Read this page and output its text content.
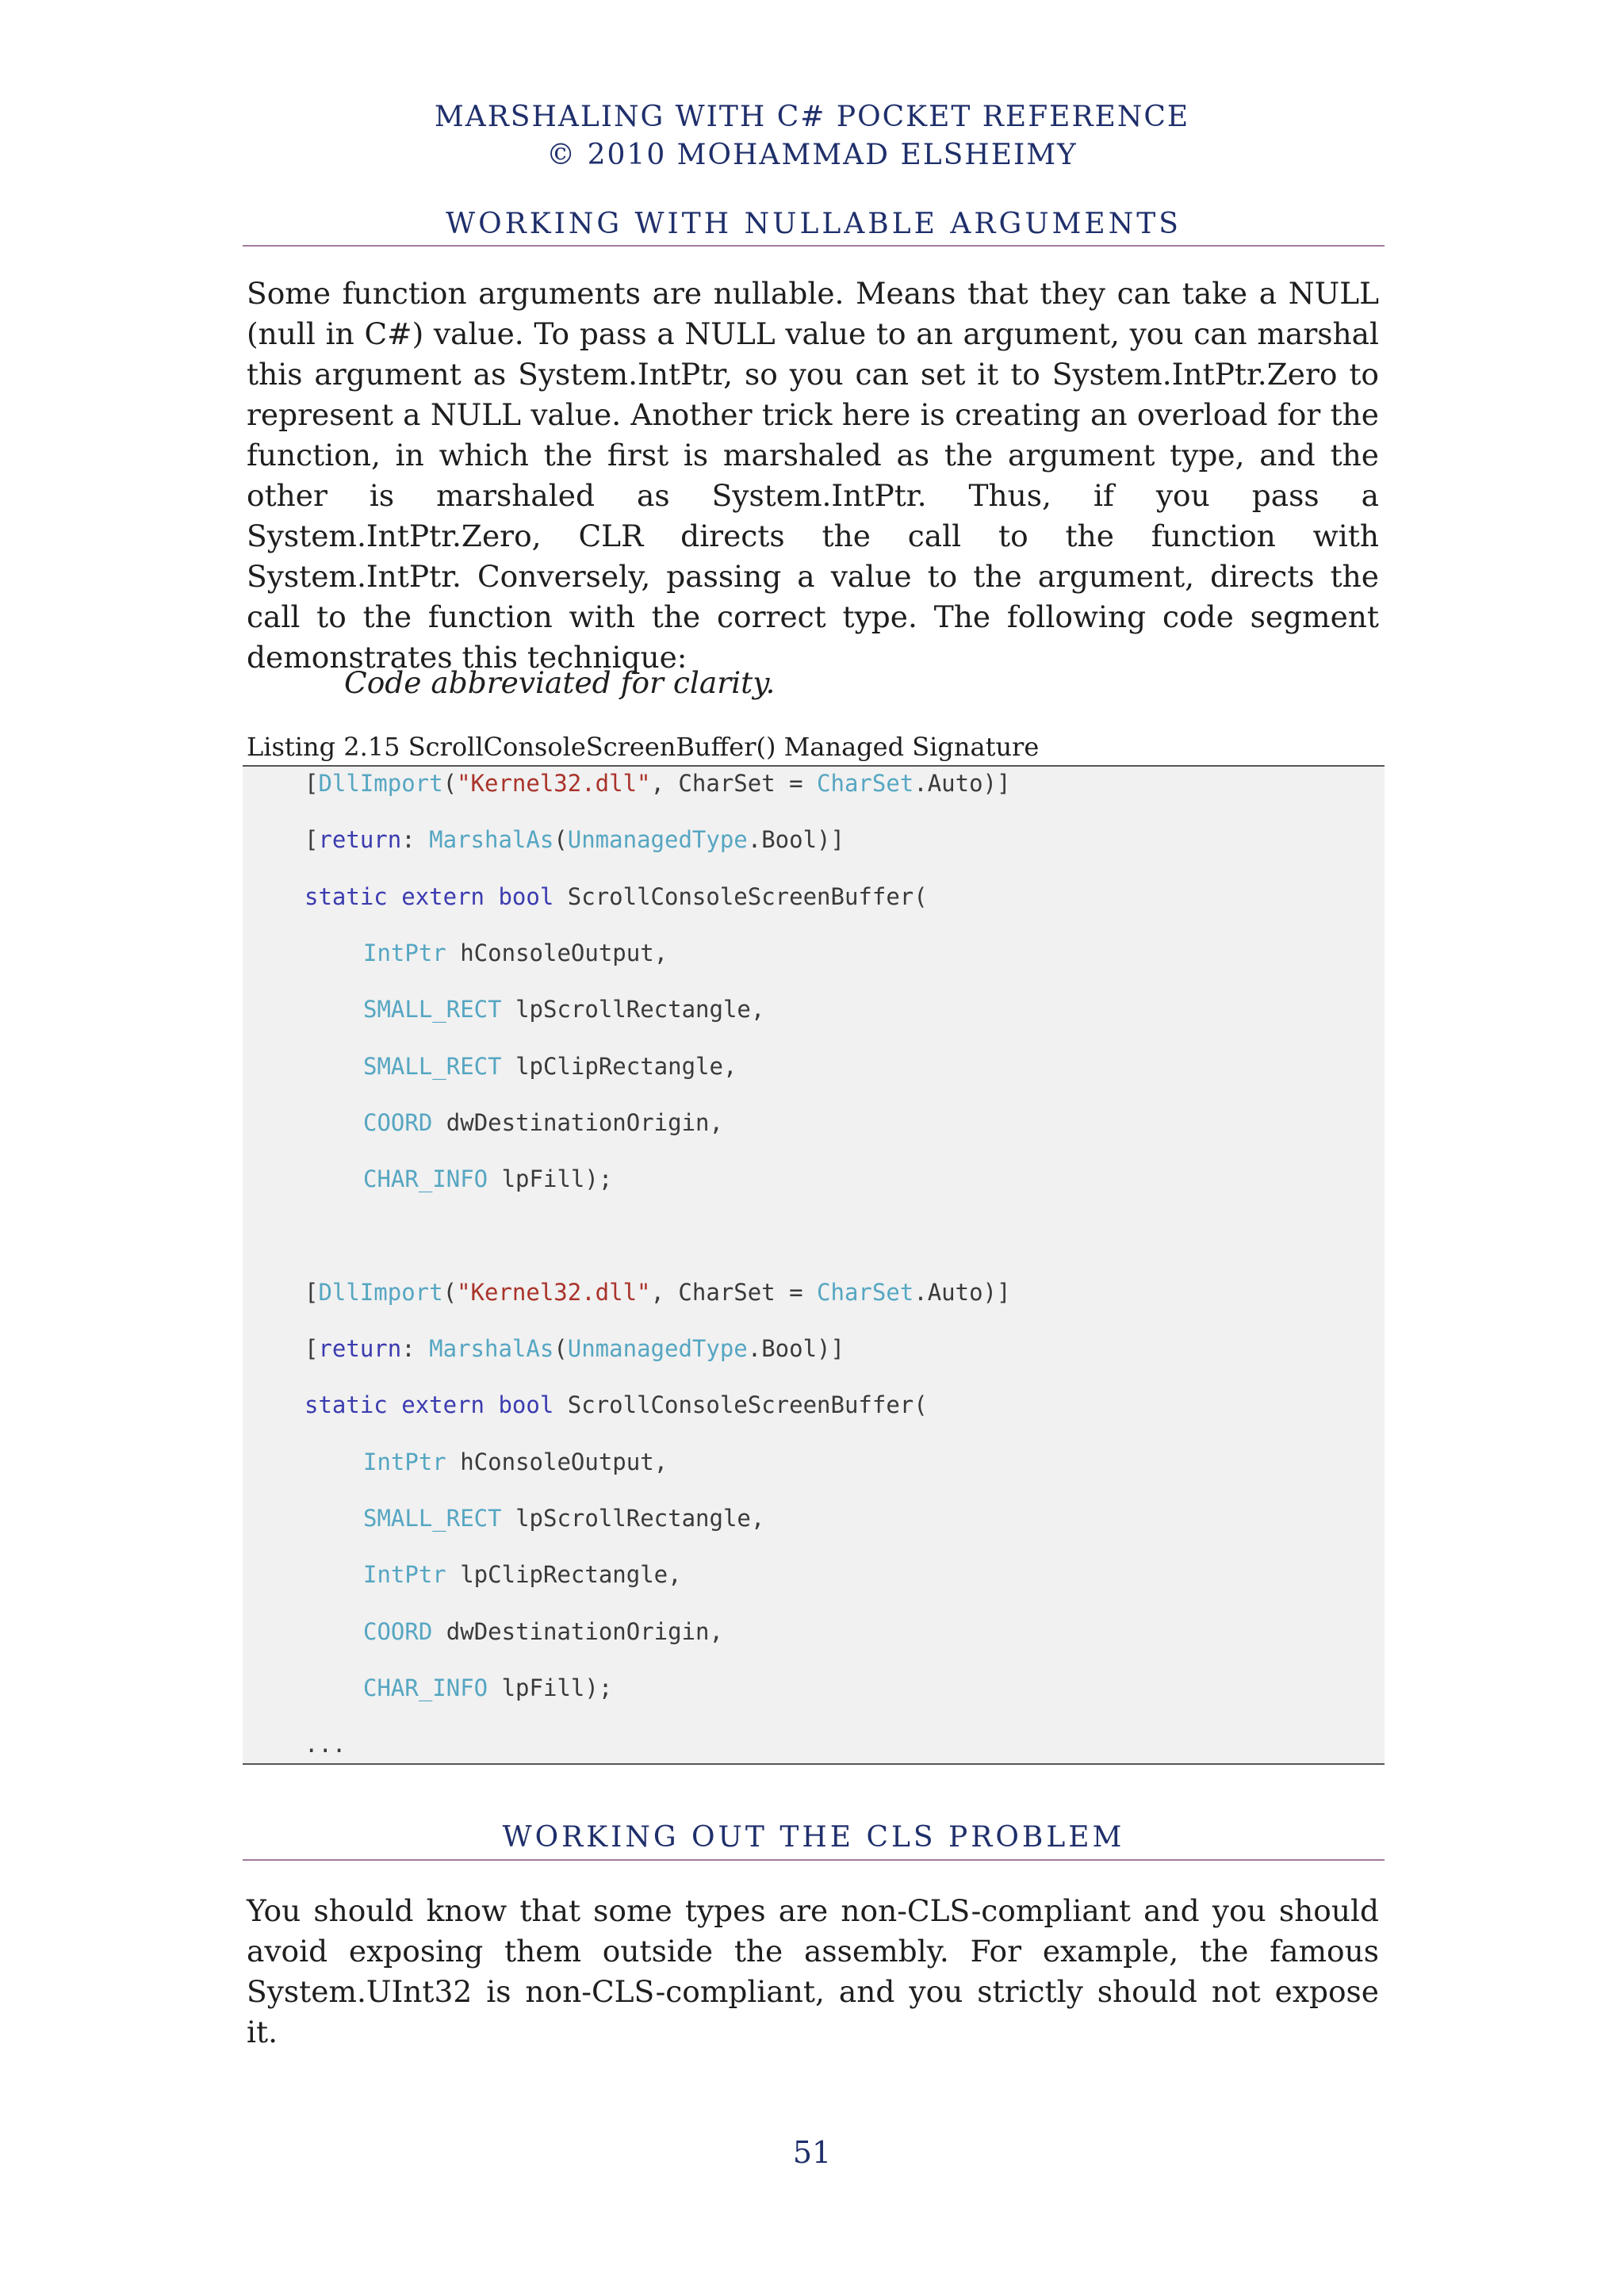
MARSHALING WITH C# POCKET REFERENCE
© 2010 MOHAMMAD ELSHEIMY
WORKING WITH NULLABLE ARGUMENTS

Some function arguments are nullable. Means that they can take a NULL (null in C#) value. To pass a NULL value to an argument, you can marshal this argument as System.IntPtr, so you can set it to System.IntPtr.Zero to represent a NULL value. Another trick here is creating an overload for the function, in which the first is marshaled as the argument type, and the other is marshaled as System.IntPtr. Thus, if you pass a System.IntPtr.Zero, CLR directs the call to the function with System.IntPtr. Conversely, passing a value to the argument, directs the call to the function with the correct type. The following code segment demonstrates this technique:

Code abbreviated for clarity.
Listing 2.15 ScrollConsoleScreenBuffer() Managed Signature
[DllImport("Kernel32.dll", CharSet = CharSet.Auto)]
[return: MarshalAs(UnmanagedType.Bool)]
static extern bool ScrollConsoleScreenBuffer(
IntPtr hConsoleOutput,
SMALL_RECT lpScrollRectangle,
SMALL_RECT lpClipRectangle,
COORD dwDestinationOrigin,
CHAR_INFO lpFill);
[DllImport("Kernel32.dll", CharSet = CharSet.Auto)]
[return: MarshalAs(UnmanagedType.Bool)]
static extern bool ScrollConsoleScreenBuffer(
IntPtr hConsoleOutput,
SMALL_RECT lpScrollRectangle,
IntPtr lpClipRectangle,
COORD dwDestinationOrigin,
CHAR_INFO lpFill);
...
WORKING OUT THE CLS PROBLEM

You should know that some types are non-CLS-compliant and you should avoid exposing them outside the assembly. For example, the famous System.UInt32 is non-CLS-compliant, and you strictly should not expose it.

51
